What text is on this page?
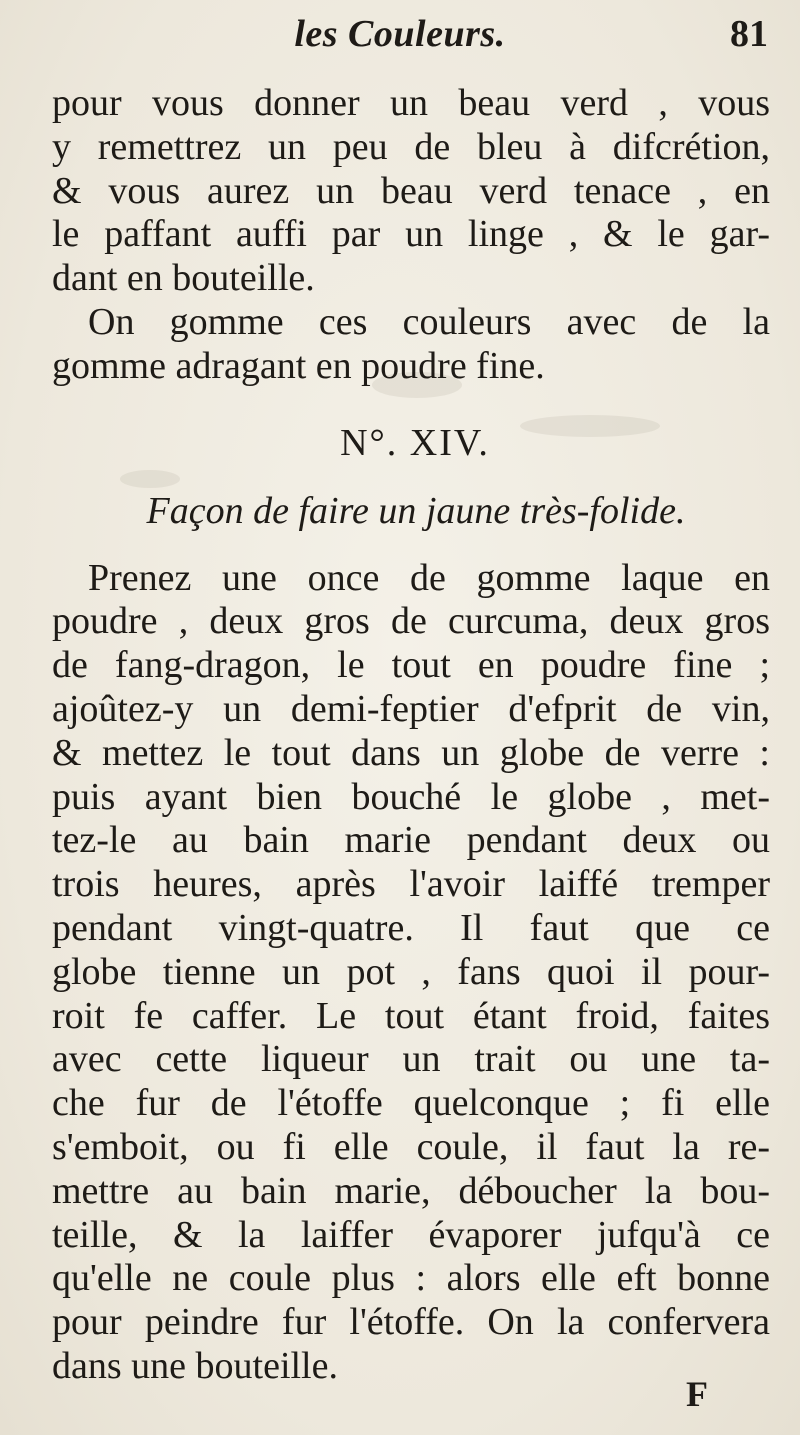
les Couleurs.	81
pour vous donner un beau verd , vous
y remettrez un peu de bleu à difcrétion,
& vous aurez un beau verd tenace , en
le paffant auffi par un linge , & le gar-
dant en bouteille.
On gomme ces couleurs avec de la
gomme adragant en poudre fine.
N°. XIV.
Façon de faire un jaune très-folide.
Prenez une once de gomme laque en
poudre , deux gros de curcuma, deux gros
de fang-dragon, le tout en poudre fine ;
ajoûtez-y un demi-feptier d'efprit de vin,
& mettez le tout dans un globe de verre :
puis ayant bien bouché le globe , met-
tez-le au bain marie pendant deux ou
trois heures, après l'avoir laiffé tremper
pendant vingt-quatre. Il faut que ce
globe tienne un pot , fans quoi il pour-
roit fe caffer. Le tout étant froid, faites
avec cette liqueur un trait ou une ta-
che fur de l'étoffe quelconque ; fi elle
s'emboit, ou fi elle coule, il faut la re-
mettre au bain marie, déboucher la bou-
teille, & la laiffer évaporer jufqu'à ce
qu'elle ne coule plus : alors elle eft bonne
pour peindre fur l'étoffe. On la confervera
dans une bouteille.
F
